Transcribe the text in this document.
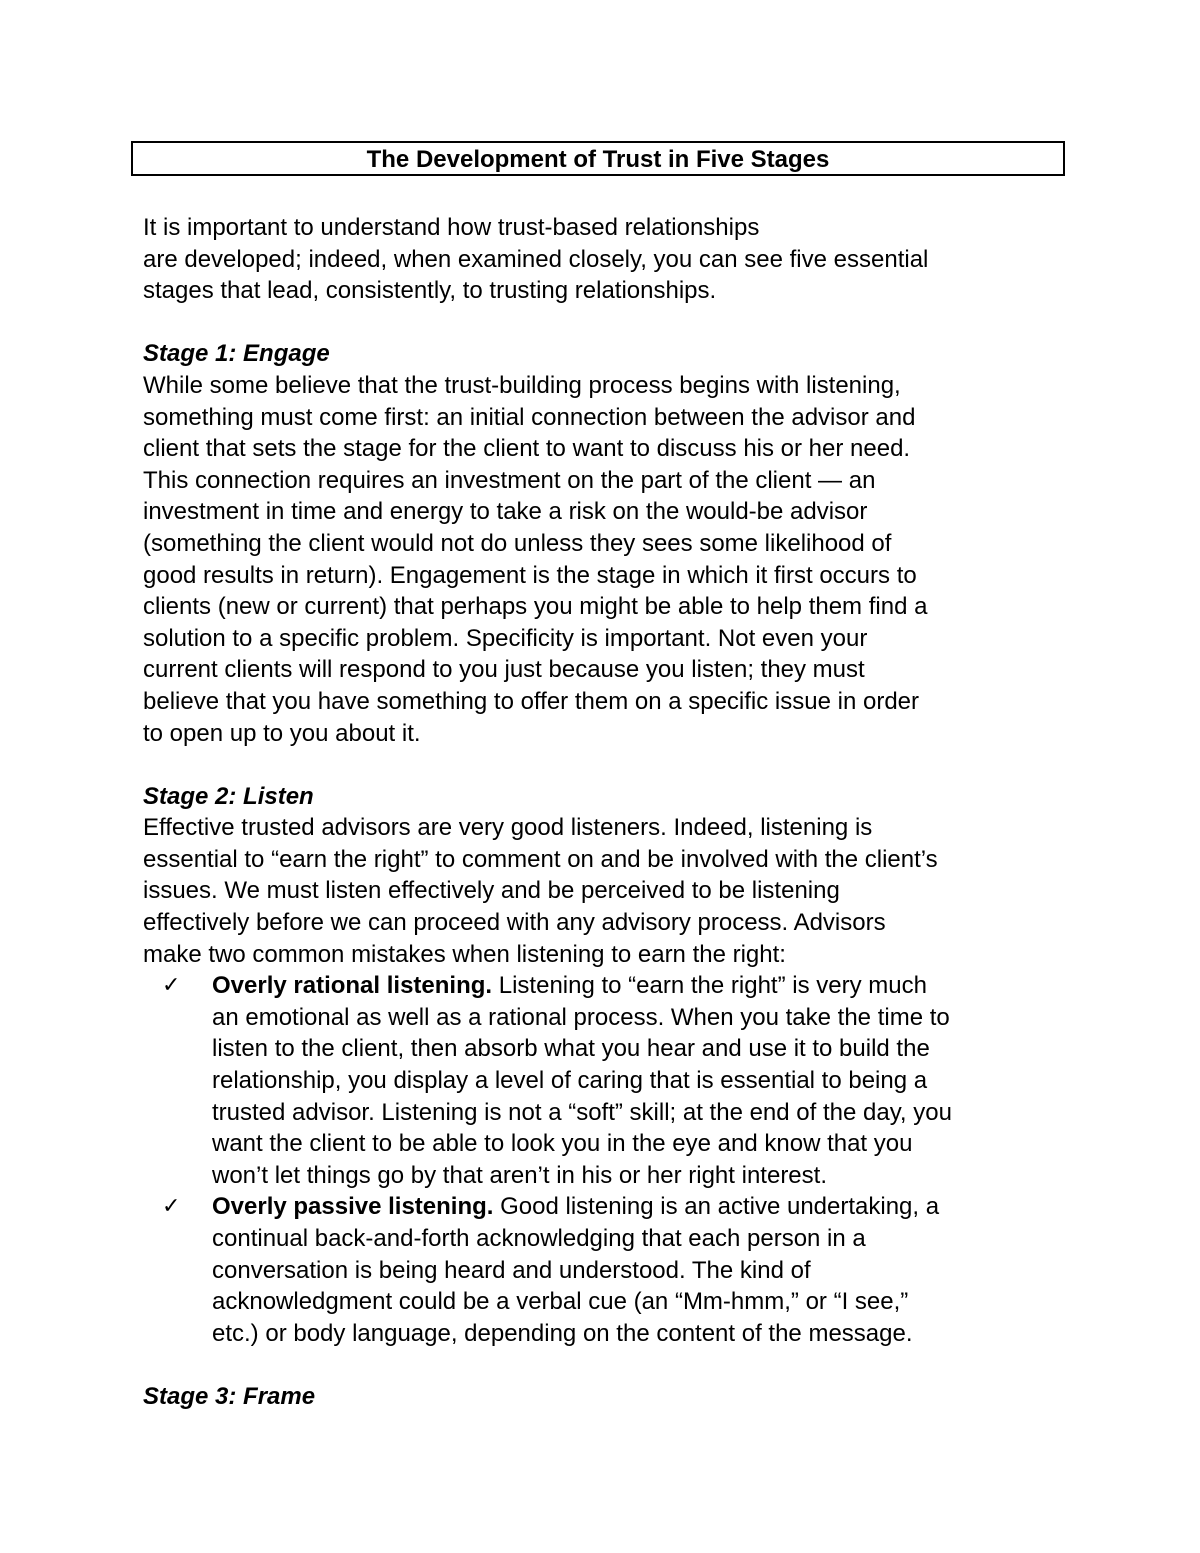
The Development of Trust in Five Stages
It is important to understand how trust-based relationships
are developed; indeed, when examined closely, you can see five essential
stages that lead, consistently, to trusting relationships.
Stage 1: Engage
While some believe that the trust-building process begins with listening,
something must come first: an initial connection between the advisor and
client that sets the stage for the client to want to discuss his or her need.
This connection requires an investment on the part of the client — an
investment in time and energy to take a risk on the would-be advisor
(something the client would not do unless they sees some likelihood of
good results in return). Engagement is the stage in which it first occurs to
clients (new or current) that perhaps you might be able to help them find a
solution to a specific problem. Specificity is important. Not even your
current clients will respond to you just because you listen; they must
believe that you have something to offer them on a specific issue in order
to open up to you about it.
Stage 2: Listen
Effective trusted advisors are very good listeners. Indeed, listening is
essential to “earn the right” to comment on and be involved with the client’s
issues. We must listen effectively and be perceived to be listening
effectively before we can proceed with any advisory process. Advisors
make two common mistakes when listening to earn the right:
✓	Overly rational listening. Listening to “earn the right” is very much
an emotional as well as a rational process. When you take the time to
listen to the client, then absorb what you hear and use it to build the
relationship, you display a level of caring that is essential to being a
trusted advisor. Listening is not a “soft” skill; at the end of the day, you
want the client to be able to look you in the eye and know that you
won’t let things go by that aren’t in his or her right interest.
✓	Overly passive listening. Good listening is an active undertaking, a
continual back-and-forth acknowledging that each person in a
conversation is being heard and understood. The kind of
acknowledgment could be a verbal cue (an “Mm-hmm,” or “I see,”
etc.) or body language, depending on the content of the message.
Stage 3: Frame
